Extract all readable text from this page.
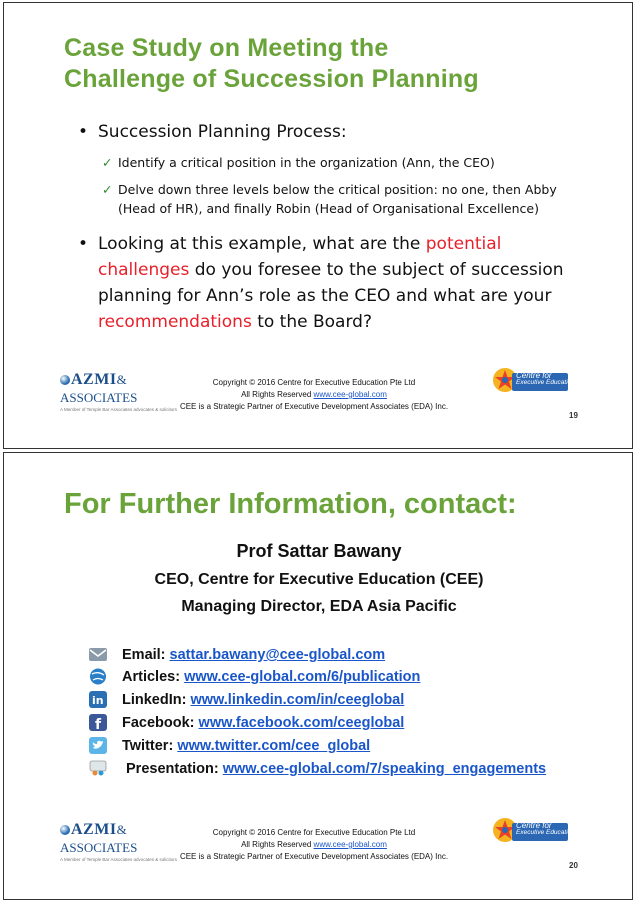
Case Study on Meeting the
Challenge of Succession Planning
• Succession Planning Process:
✓ Identify a critical position in the organization (Ann, the CEO)
✓ Delve down three levels below the critical position: no one, then Abby
(Head of HR), and finally Robin (Head of Organisational Excellence)
• Looking at this example, what are the potential
challenges do you foresee to the subject of succession
planning for Ann’s role as the CEO and what are your
recommendations to the Board?
AZMI& ASSOCIATES
A Member of Temple Bar Associates advocates & solicitors
Copyright © 2016 Centre for Executive Education Pte Ltd
All Rights Reserved www.cee-global.com
CEE is a Strategic Partner of Executive Development Associates (EDA) Inc.
Centre for
Executive Education
19
For Further Information, contact:
Prof Sattar Bawany
CEO, Centre for Executive Education (CEE)
Managing Director, EDA Asia Pacific
Email: sattar.bawany@cee-global.com
Articles: www.cee-global.com/6/publication
in LinkedIn: www.linkedin.com/in/ceeglobal
f Facebook: www.facebook.com/ceeglobal
Twitter: www.twitter.com/cee_global
Presentation: www.cee-global.com/7/speaking_engagements
AZMI& ASSOCIATES
A Member of Temple Bar Associates advocates & solicitors
Copyright © 2016 Centre for Executive Education Pte Ltd
All Rights Reserved www.cee-global.com
CEE is a Strategic Partner of Executive Development Associates (EDA) Inc.
Centre for
Executive Education
20
